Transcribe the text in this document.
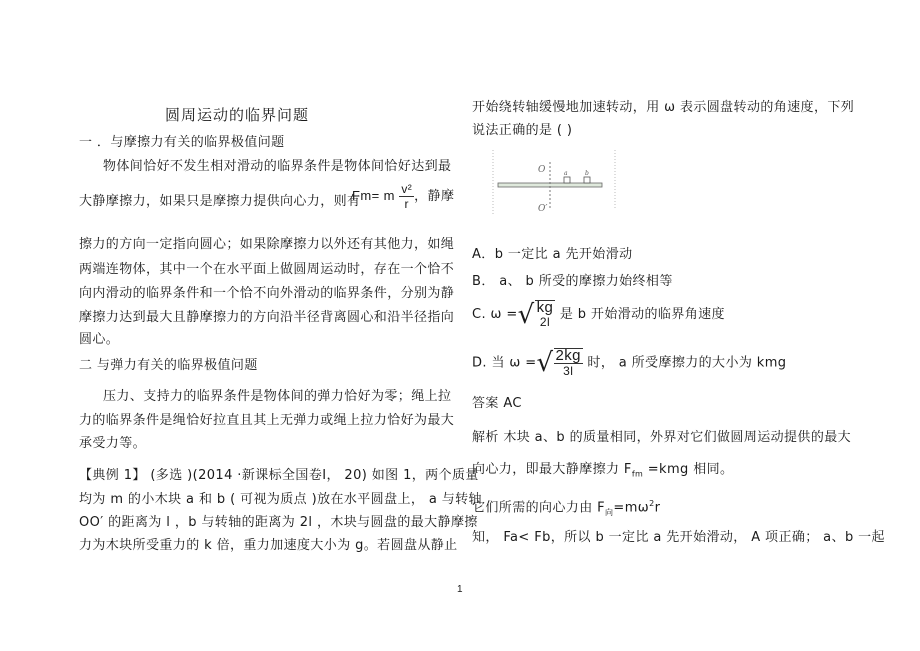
圆周运动的临界问题
一 ．与摩擦力有关的临界极值问题
物体间恰好不发生相对滑动的临界条件是物体间恰好达到最
大静摩擦力，如果只是摩擦力提供向心力，则有
Fm= m $\frac{\text{v²}}{r}$ ，静摩
擦力的方向一定指向圆心；如果除摩擦力以外还有其他力，如绳
两端连物体，其中一个在水平面上做圆周运动时，存在一个恰不
向内滑动的临界条件和一个恰不向外滑动的临界条件，分别为静
摩擦力达到最大且静摩擦力的方向沿半径背离圆心和沿半径指向
圆心。
二 与弹力有关的临界极值问题
压力、支持力的临界条件是物体间的弹力恰好为零；绳上拉
力的临界条件是绳恰好拉直且其上无弹力或绳上拉力恰好为最大
承受力等。
【典例 1】 (多选 )(2014 ·新课标全国卷Ⅰ， 20) 如图 1，两个质量
均为 m 的小木块 a 和 b ( 可视为质点 )放在水平圆盘上， a 与转轴
OO′ 的距离为 l ，b 与转轴的距离为 2l ，木块与圆盘的最大静摩擦
力为木块所受重力的 k 倍，重力加速度大小为 g。若圆盘从静止
开始绕转轴缓慢地加速转动，用 ω 表示圆盘转动的角速度，下列
说法正确的是 ( )
O
O′
a	b
A．b 一定比 a 先开始滑动
B． a、 b 所受的摩擦力始终相等
C. ω = √ kg
2l 是 b 开始滑动的临界角速度
D. 当 ω = √ $\frac{2kg}{3l}$ 时， a 所受摩擦力的大小为 kmg
答案 AC
解析 木块 a、b 的质量相同，外界对它们做圆周运动提供的最大
向心力，即最大静摩擦力 $F_{fm} =kmg$ 相同。
它们所需的向心力由 $F_向=m\omega^2r$
知， Fa< Fb，所以 b 一定比 a 先开始滑动， A 项正确； a、b 一起
1
